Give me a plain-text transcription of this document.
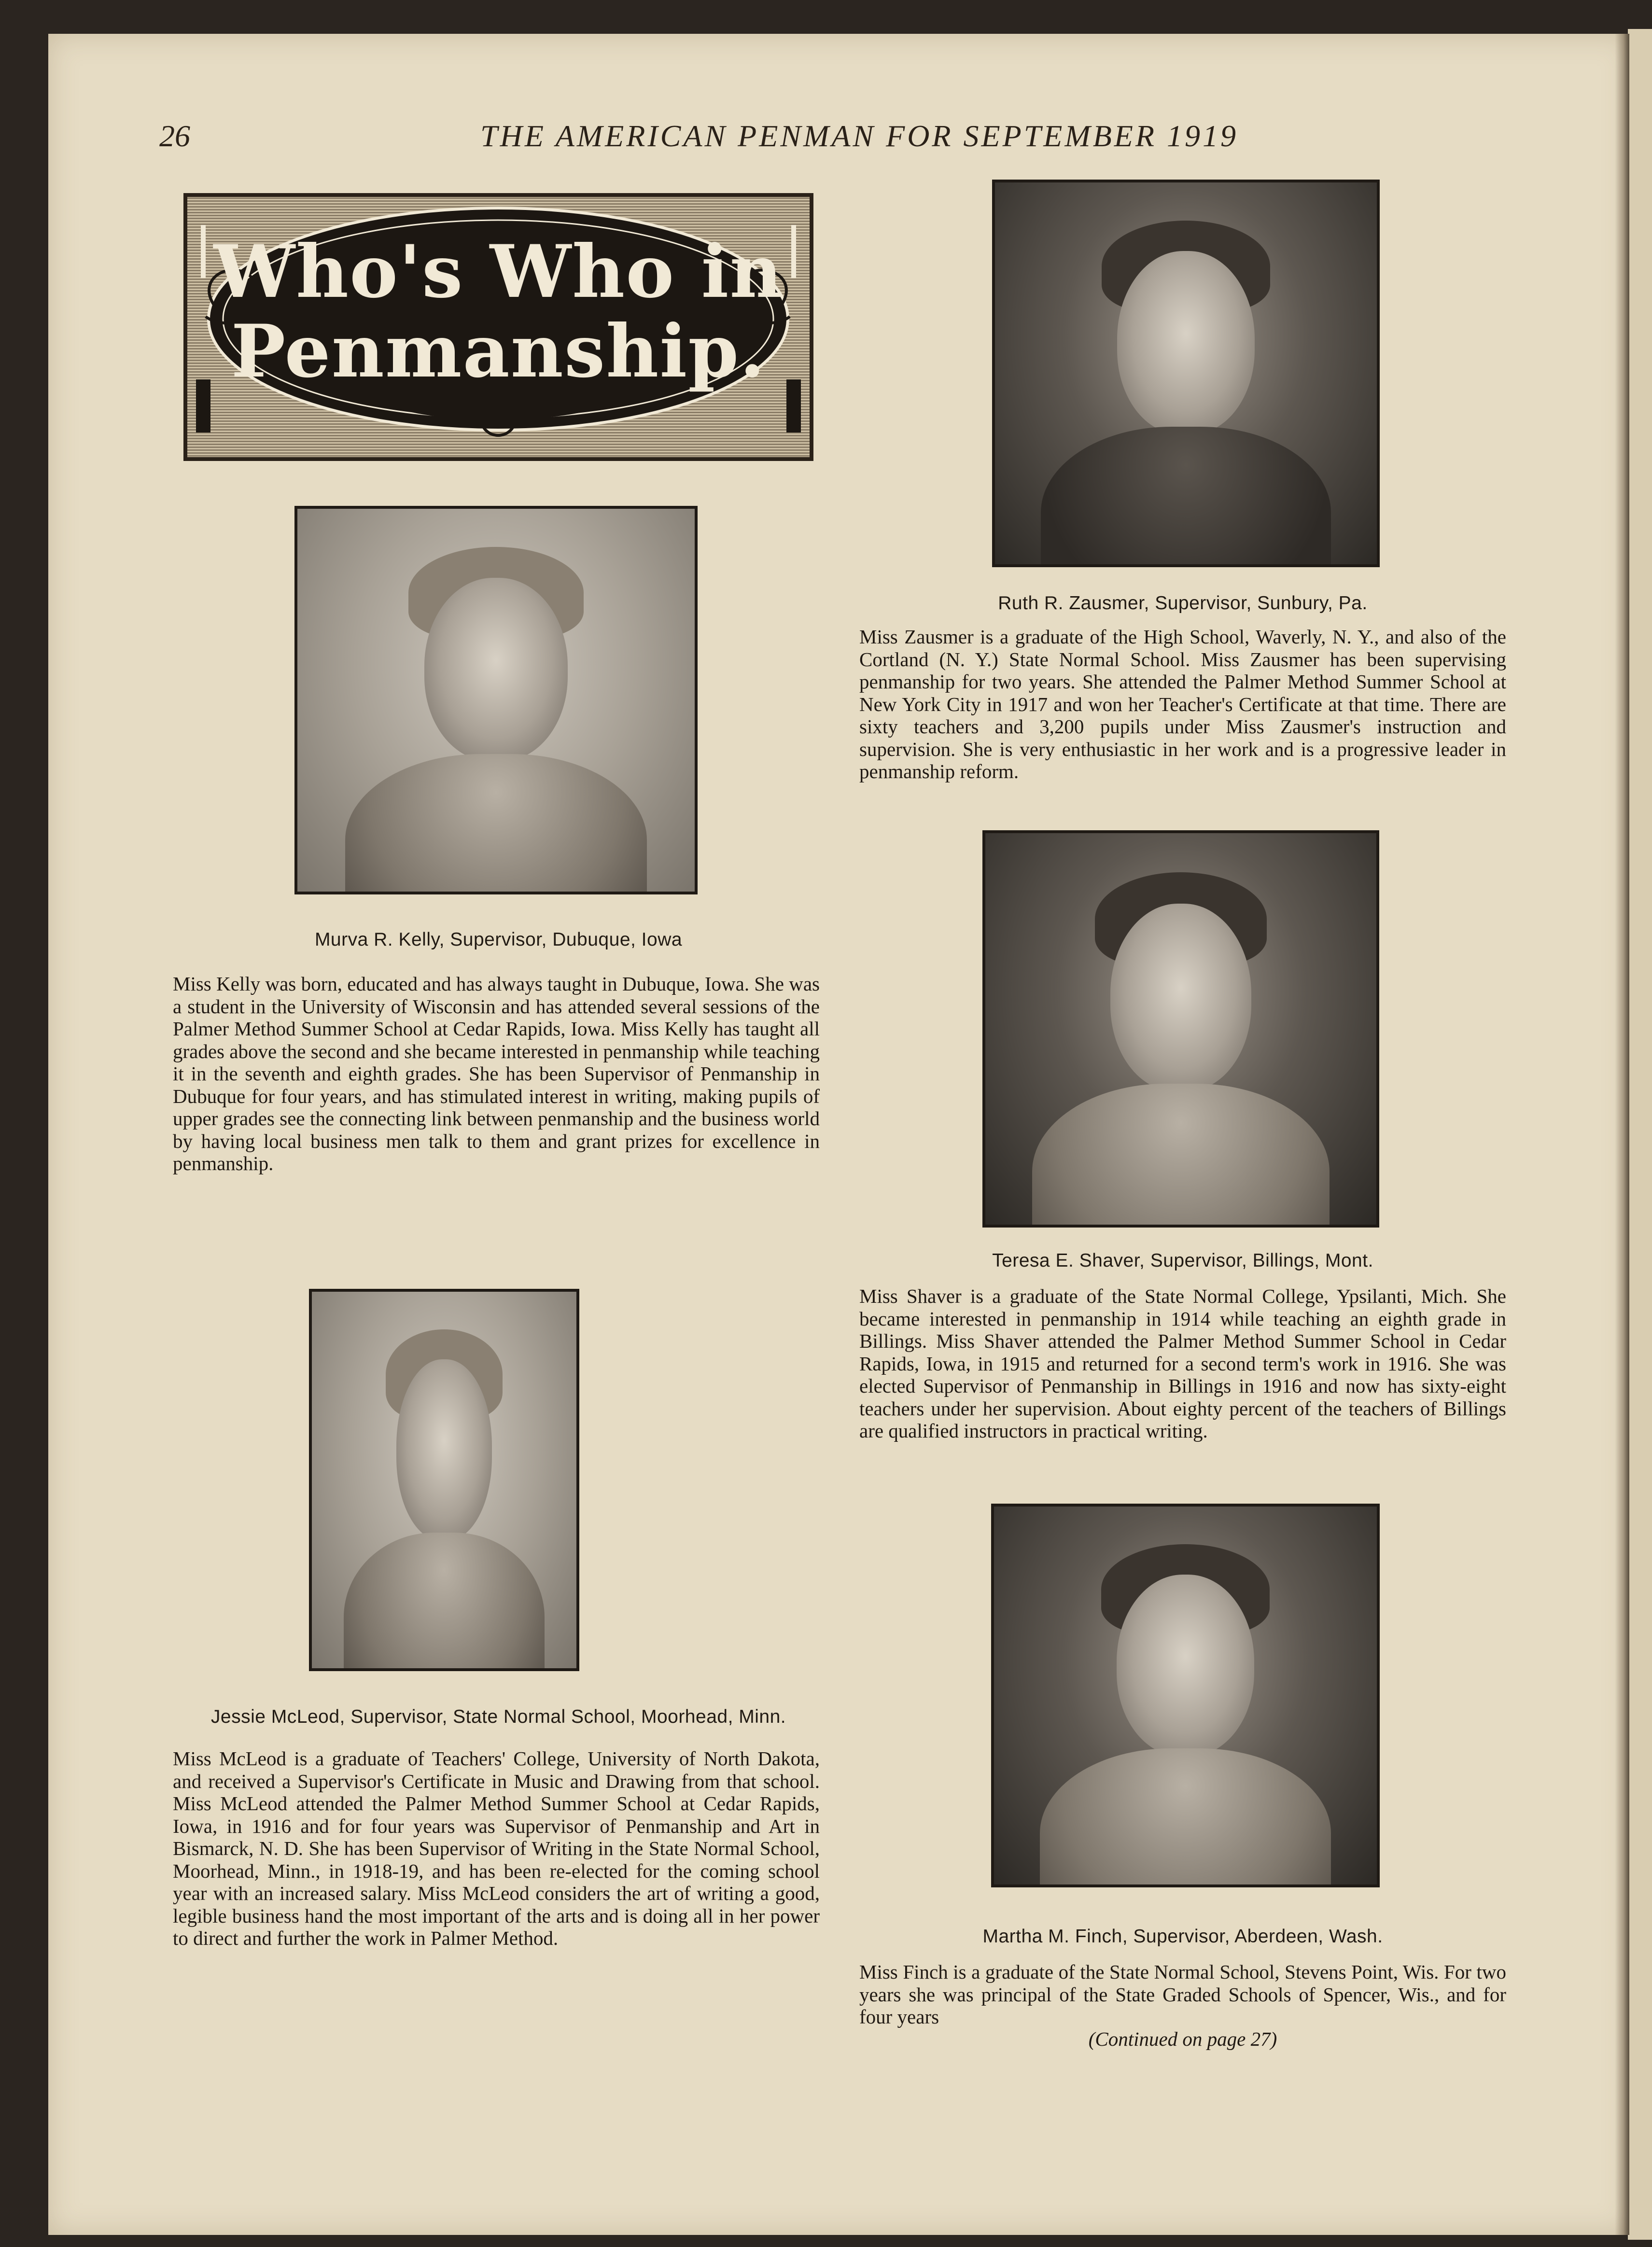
26	THE AMERICAN PENMAN FOR SEPTEMBER 1919
Who's Who in
Penmanship.
Murva R. Kelly, Supervisor, Dubuque, Iowa

Miss Kelly was born, educated and has always taught in Dubuque, Iowa. She was a student in the University of Wisconsin and has attended several sessions of the Palmer Method Summer School at Cedar Rapids, Iowa. Miss Kelly has taught all grades above the second and she became interested in penmanship while teaching it in the seventh and eighth grades. She has been Supervisor of Penmanship in Dubuque for four years, and has stimulated interest in writing, making pupils of upper grades see the connecting link between penmanship and the business world by having local business men talk to them and grant prizes for excellence in penmanship.

Jessie McLeod, Supervisor, State Normal School, Moorhead, Minn.

Miss McLeod is a graduate of Teachers' College, University of North Dakota, and received a Supervisor's Certificate in Music and Drawing from that school. Miss McLeod attended the Palmer Method Summer School at Cedar Rapids, Iowa, in 1916 and for four years was Supervisor of Penmanship and Art in Bismarck, N. D. She has been Supervisor of Writing in the State Normal School, Moorhead, Minn., in 1918-19, and has been re-elected for the coming school year with an increased salary. Miss McLeod considers the art of writing a good, legible business hand the most important of the arts and is doing all in her power to direct and further the work in Palmer Method.

Ruth R. Zausmer, Supervisor, Sunbury, Pa.

Miss Zausmer is a graduate of the High School, Waverly, N. Y., and also of the Cortland (N. Y.) State Normal School. Miss Zausmer has been supervising penmanship for two years. She attended the Palmer Method Summer School at New York City in 1917 and won her Teacher's Certificate at that time. There are sixty teachers and 3,200 pupils under Miss Zausmer's instruction and supervision. She is very enthusiastic in her work and is a progressive leader in penmanship reform.

Teresa E. Shaver, Supervisor, Billings, Mont.

Miss Shaver is a graduate of the State Normal College, Ypsilanti, Mich. She became interested in penmanship in 1914 while teaching an eighth grade in Billings. Miss Shaver attended the Palmer Method Summer School in Cedar Rapids, Iowa, in 1915 and returned for a second term's work in 1916. She was elected Supervisor of Penmanship in Billings in 1916 and now has sixty-eight teachers under her supervision. About eighty percent of the teachers of Billings are qualified instructors in practical writing.

Martha M. Finch, Supervisor, Aberdeen, Wash.

Miss Finch is a graduate of the State Normal School, Stevens Point, Wis. For two years she was principal of the State Graded Schools of Spencer, Wis., and for four years

(Continued on page 27)
